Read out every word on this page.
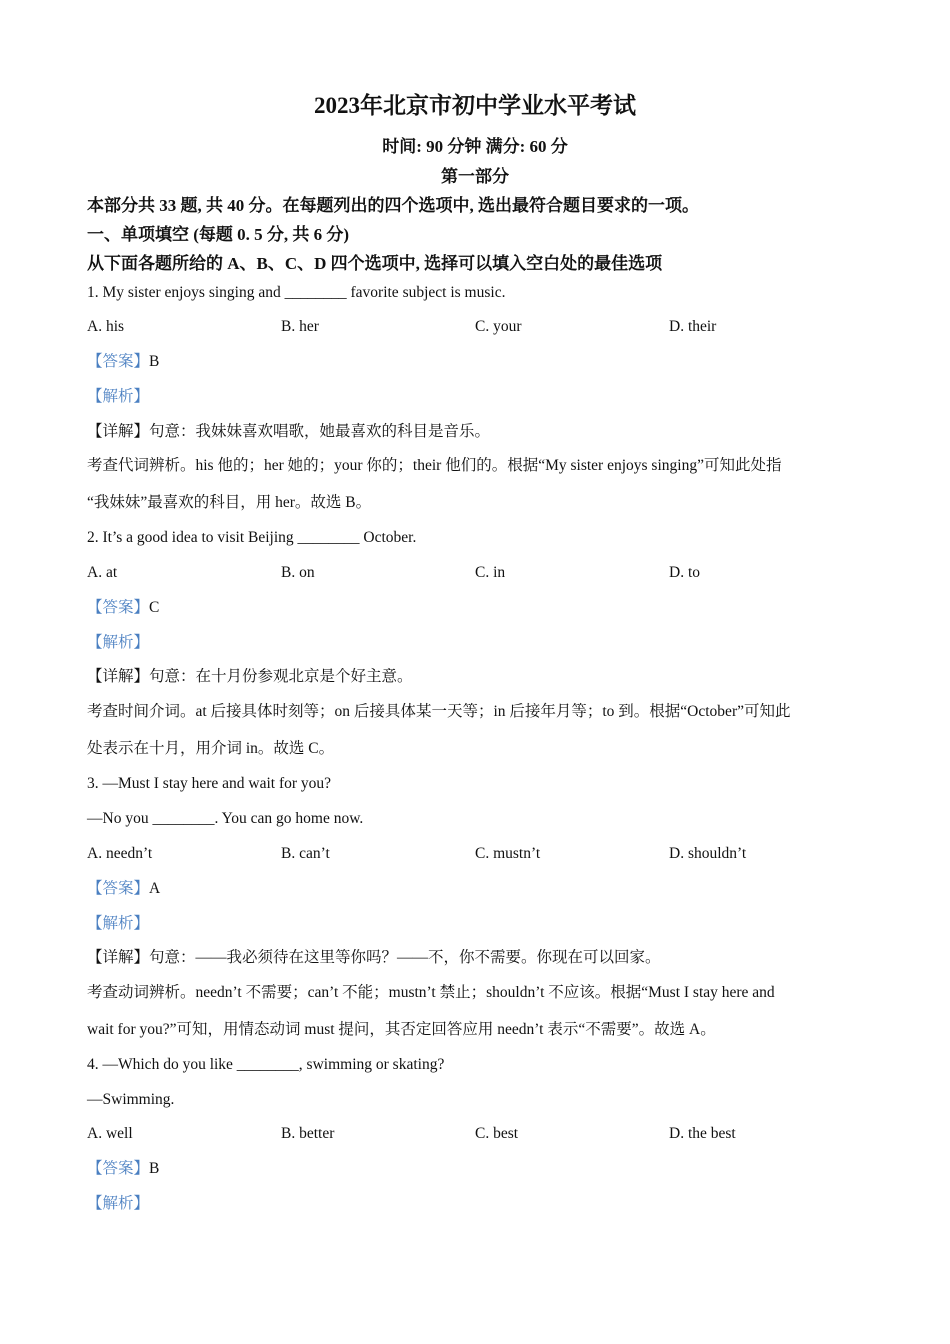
2023年北京市初中学业水平考试
时间: 90 分钟 满分: 60 分
第一部分
本部分共 33 题, 共 40 分。在每题列出的四个选项中, 选出最符合题目要求的一项。
一、单项填空 (每题 0. 5 分, 共 6 分)
从下面各题所给的 A、B、C、D 四个选项中, 选择可以填入空白处的最佳选项
1. My sister enjoys singing and ________ favorite subject is music.
A. his	B. her	C. your	D. their
【答案】B
【解析】
【详解】句意：我妹妹喜欢唱歌，她最喜欢的科目是音乐。
考查代词辨析。his 他的；her 她的；your 你的；their 他们的。根据“My sister enjoys singing”可知此处指
“我妹妹”最喜欢的科目，用 her。故选 B。
2. It’s a good idea to visit Beijing ________ October.
A. at	B. on	C. in	D. to
【答案】C
【解析】
【详解】句意：在十月份参观北京是个好主意。
考查时间介词。at 后接具体时刻等；on 后接具体某一天等；in 后接年月等；to 到。根据“October”可知此
处表示在十月，用介词 in。故选 C。
3. —Must I stay here and wait for you?
—No you ________. You can go home now.
A. needn’t	B. can’t	C. mustn’t	D. shouldn’t
【答案】A
【解析】
【详解】句意：——我必须待在这里等你吗？——不，你不需要。你现在可以回家。
考查动词辨析。needn’t 不需要；can’t 不能；mustn’t 禁止；shouldn’t 不应该。根据“Must I stay here and
wait for you?”可知，用情态动词 must 提问，其否定回答应用 needn’t 表示“不需要”。故选 A。
4. —Which do you like ________, swimming or skating?
—Swimming.
A. well	B. better	C. best	D. the best
【答案】B
【解析】
